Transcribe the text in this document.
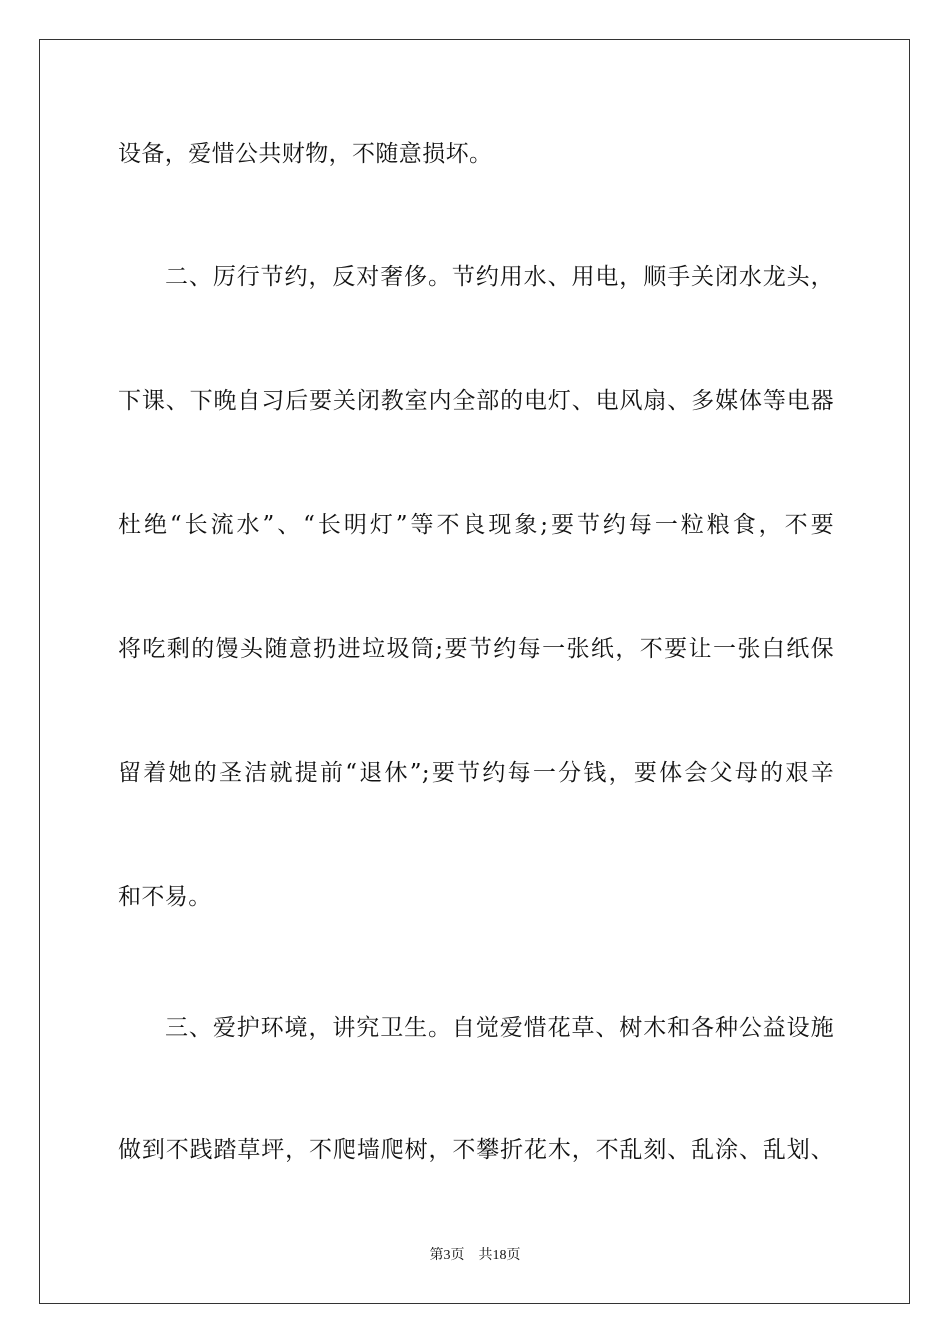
设备，爱惜公共财物，不随意损坏。
二、厉行节约，反对奢侈。节约用水、用电，顺手关闭水龙头，
下课、下晚自习后要关闭教室内全部的电灯、电风扇、多媒体等电器
杜绝“长流水”、“长明灯”等不良现象;要节约每一粒粮食，不要
将吃剩的馒头随意扔进垃圾筒;要节约每一张纸，不要让一张白纸保
留着她的圣洁就提前“退休”;要节约每一分钱，要体会父母的艰辛
和不易。
三、爱护环境，讲究卫生。自觉爱惜花草、树木和各种公益设施
做到不践踏草坪，不爬墙爬树，不攀折花木，不乱刻、乱涂、乱划、
第3页 共18页
